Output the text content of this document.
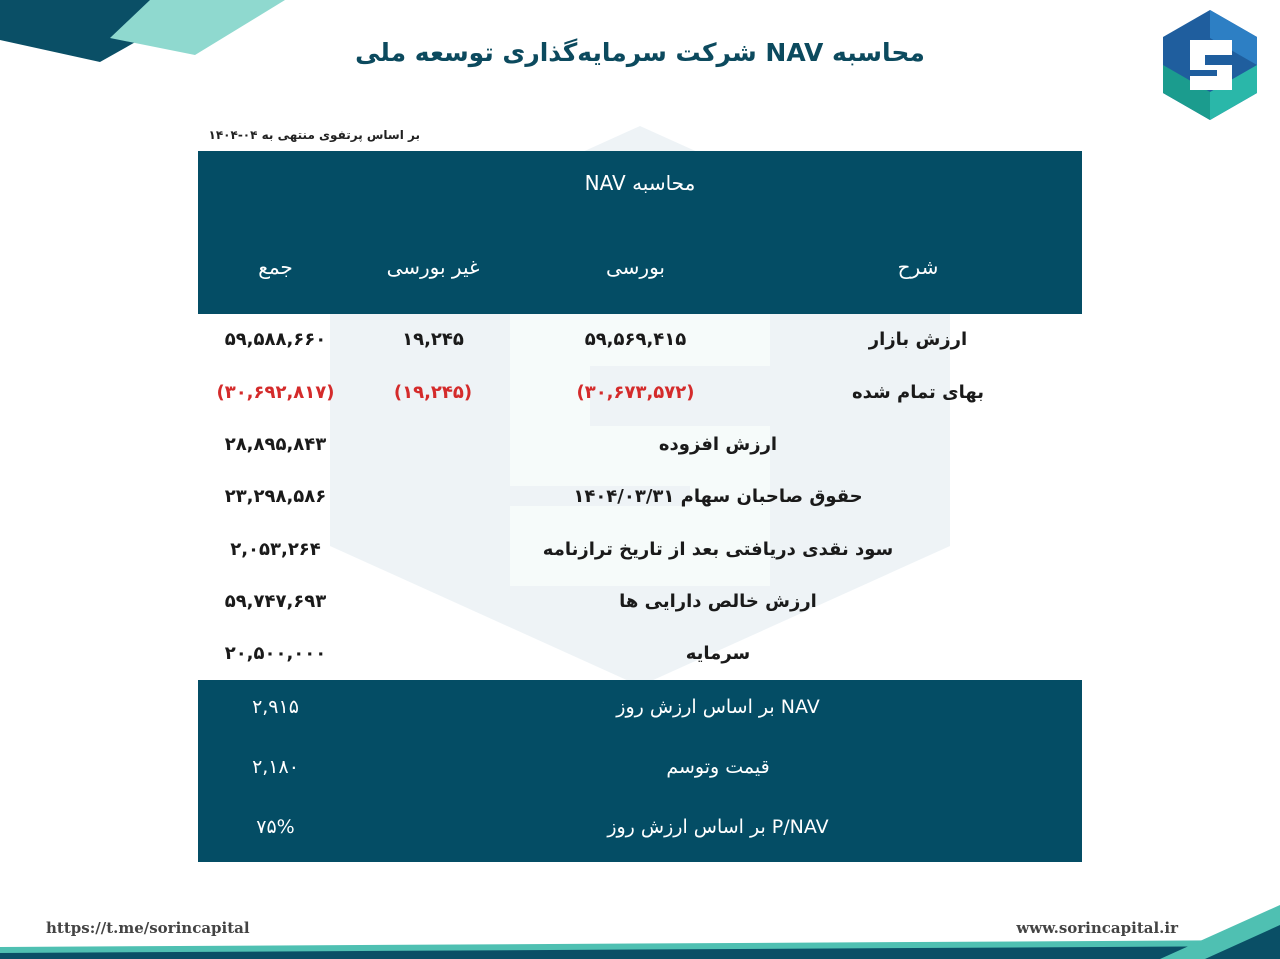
محاسبه NAV شرکت سرمایه‌گذاری توسعه ملی
بر اساس پرتفوی منتهی به ۰۴-۱۴۰۴
محاسبه NAV
شرح
بورسی
غیر بورسی
جمع
ارزش بازار
۵۹,۵۶۹,۴۱۵
۱۹,۲۴۵
۵۹,۵۸۸,۶۶۰
بهای تمام شده
(۳۰,۶۷۳,۵۷۲)
(۱۹,۲۴۵)
(۳۰,۶۹۲,۸۱۷)
ارزش افزوده
۲۸,۸۹۵,۸۴۳
حقوق صاحبان سهام ۱۴۰۴/۰۳/۳۱
۲۳,۲۹۸,۵۸۶
سود نقدی دریافتی بعد از تاریخ ترازنامه
۲,۰۵۳,۲۶۴
ارزش خالص دارایی ها
۵۹,۷۴۷,۶۹۳
سرمایه
۲۰,۵۰۰,۰۰۰
NAV بر اساس ارزش روز
۲,۹۱۵
قیمت وتوسم
۲,۱۸۰
P/NAV بر اساس ارزش روز
۷۵%
https://t.me/sorincapital	www.sorincapital.ir
